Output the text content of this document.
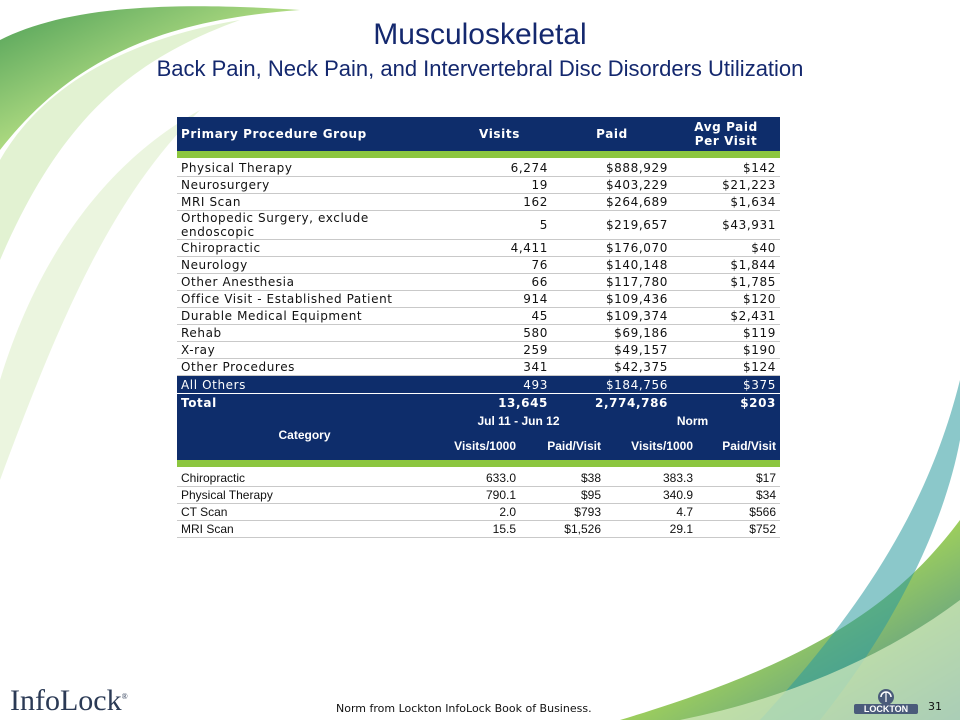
Musculoskeletal
Back Pain, Neck Pain, and Intervertebral Disc Disorders Utilization
Primary Procedure Group	Visits	Paid	Avg Paid
Per Visit

Physical Therapy	6,274	$888,929	$142
Neurosurgery	19	$403,229	$21,223
MRI Scan	162	$264,689	$1,634
Orthopedic Surgery, exclude endoscopic	5	$219,657	$43,931
Chiropractic	4,411	$176,070	$40
Neurology	76	$140,148	$1,844
Other Anesthesia	66	$117,780	$1,785
Office Visit - Established Patient	914	$109,436	$120
Durable Medical Equipment	45	$109,374	$2,431
Rehab	580	$69,186	$119
X-ray	259	$49,157	$190
Other Procedures	341	$42,375	$124
All Others	493	$184,756	$375
Total	13,645	2,774,786	$203
Category	Jul 11 - Jun 12		Norm	
	Visits/1000	Paid/Visit	Visits/1000	Paid/Visit

Chiropractic	633.0	$38	383.3	$17
Physical Therapy	790.1	$95	340.9	$34
CT Scan	2.0	$793	4.7	$566
MRI Scan	15.5	$1,526	29.1	$752
InfoLock®
Norm from Lockton InfoLock Book of Business.	31
LOCKTON
